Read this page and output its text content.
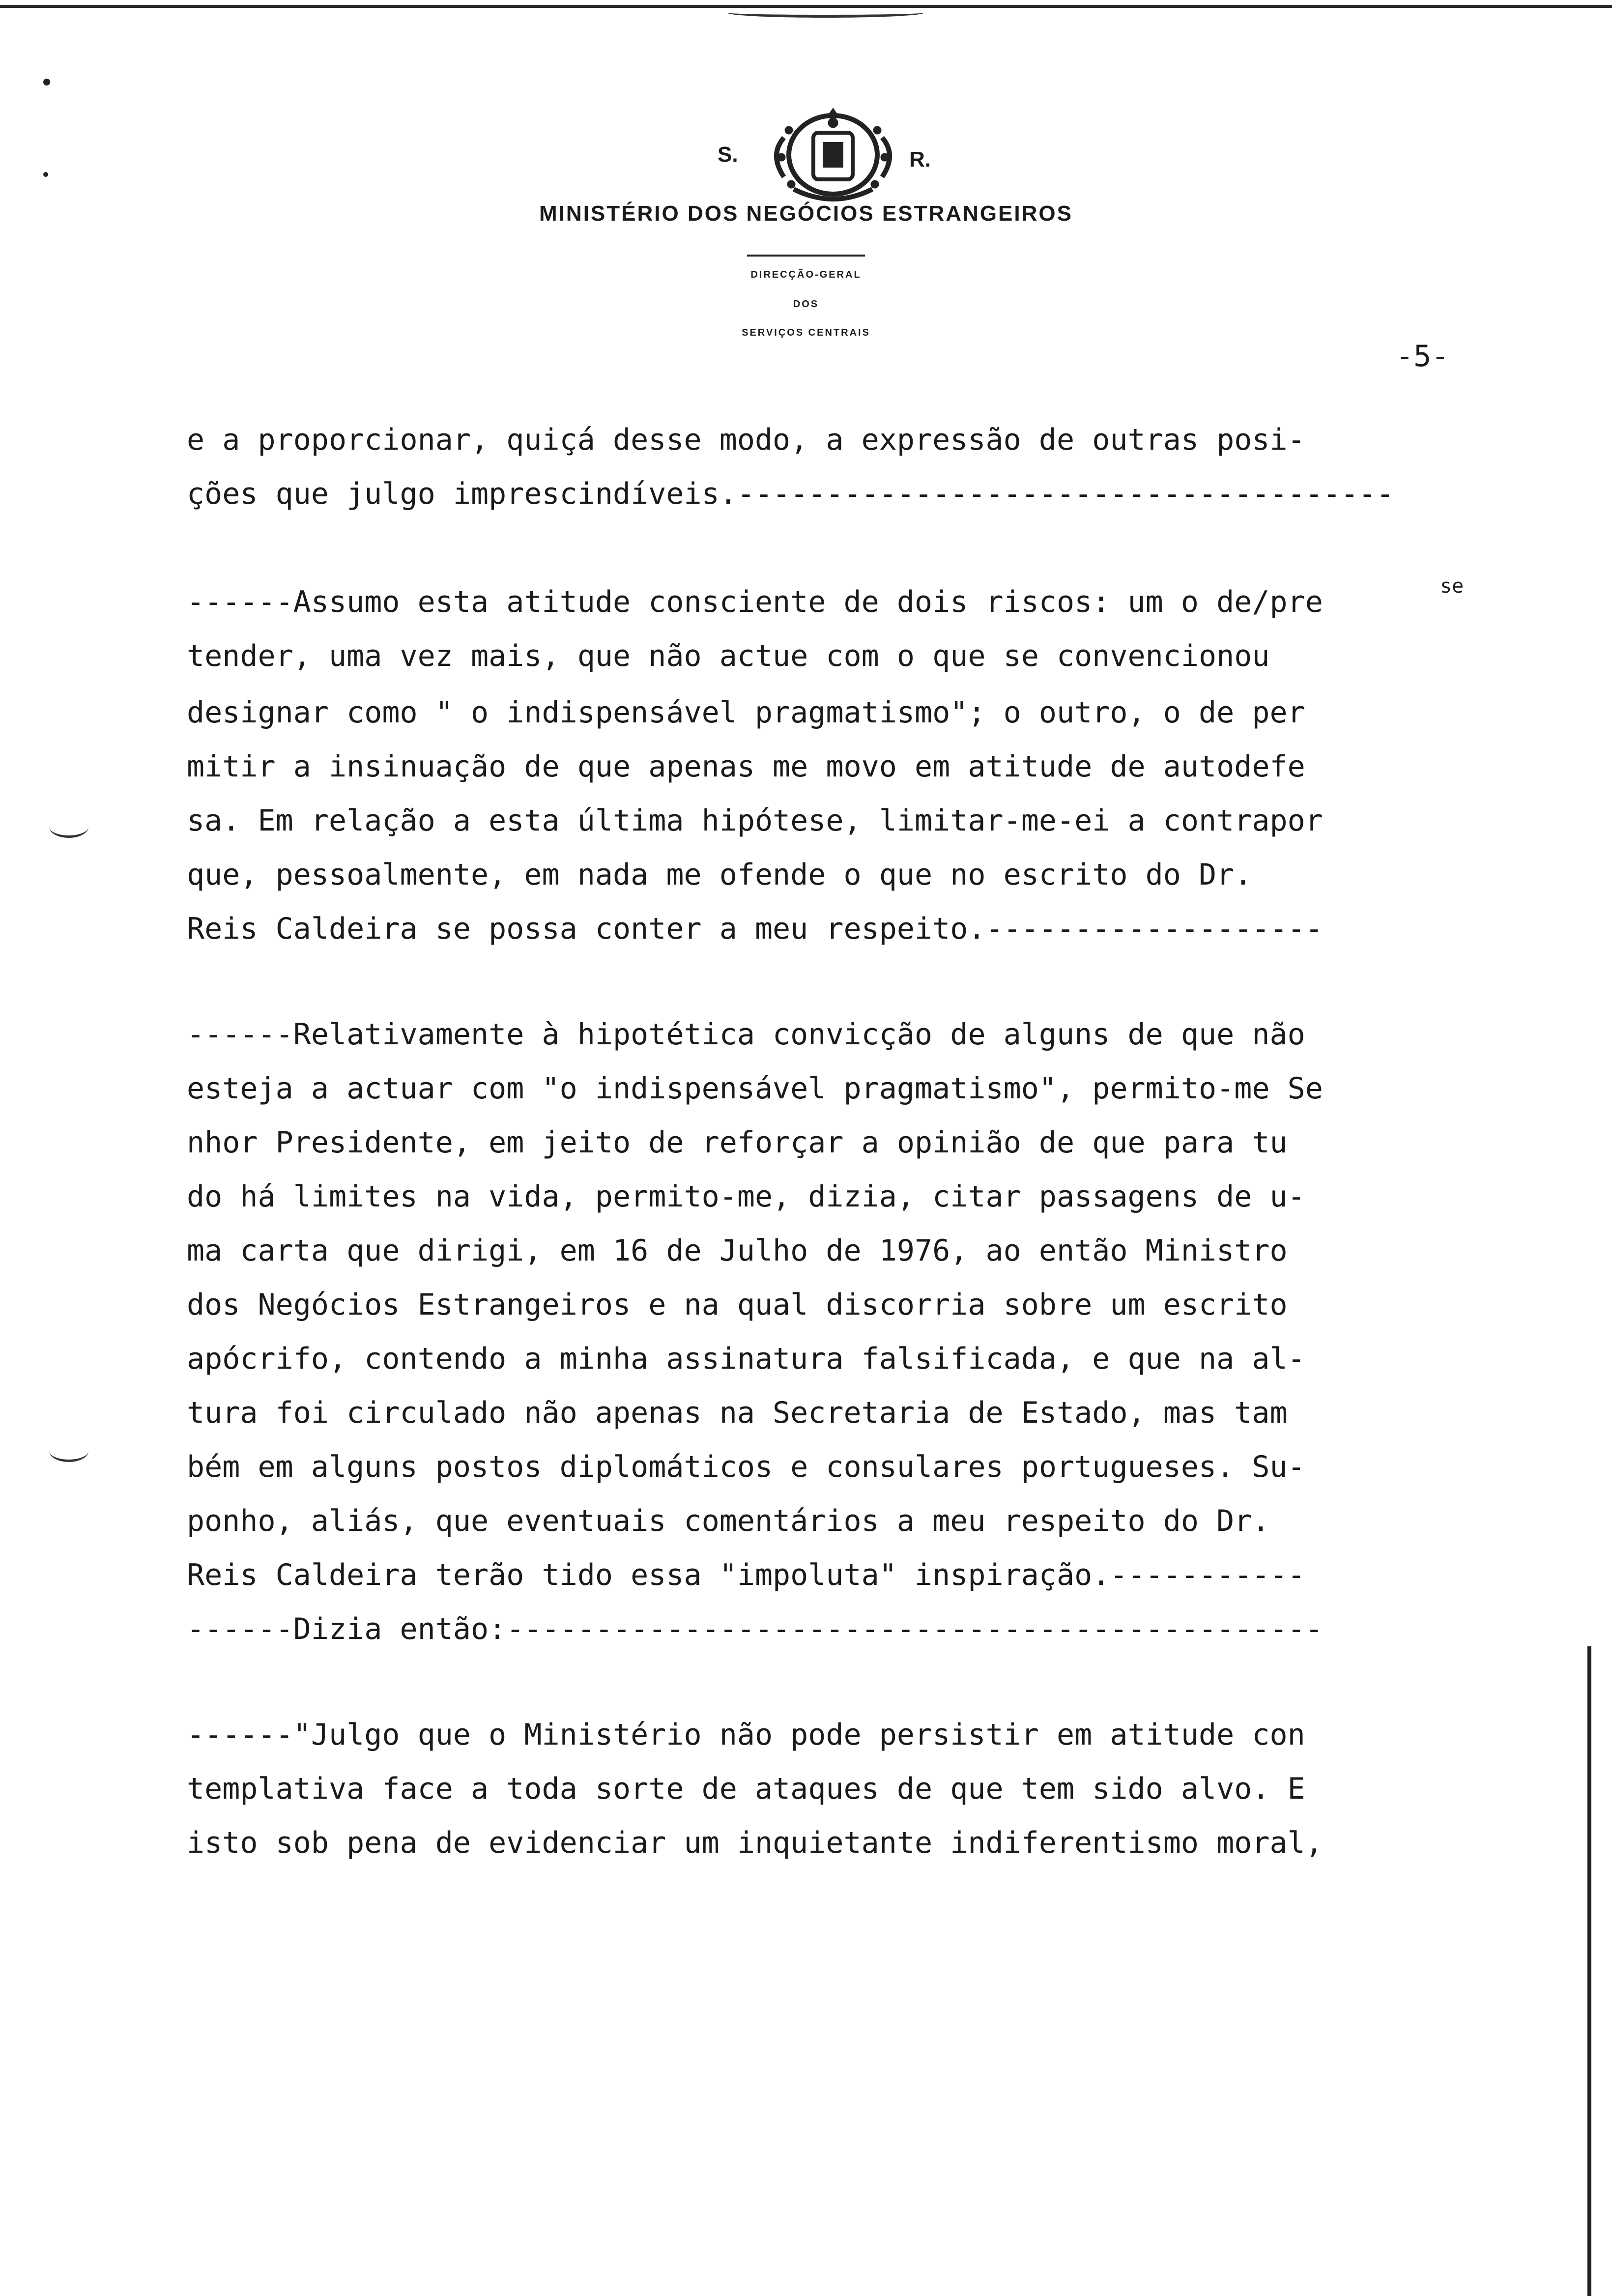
S.	R.
MINISTÉRIO DOS NEGÓCIOS ESTRANGEIROS
DIRECÇÃO-GERAL
DOS
SERVIÇOS CENTRAIS
-5-
se
e a proporcionar, quiçá desse modo, a expressão de outras posi-
ções que julgo imprescindíveis.-------------------------------------
------Assumo esta atitude consciente de dois riscos: um o de/pre
tender, uma vez mais, que não actue com o que se convencionou
designar como " o indispensável pragmatismo"; o outro, o de per
mitir a insinuação de que apenas me movo em atitude de autodefe
sa. Em relação a esta última hipótese, limitar-me-ei a contrapor
que, pessoalmente, em nada me ofende o que no escrito do Dr.
Reis Caldeira se possa conter a meu respeito.-------------------
------Relativamente à hipotética convicção de alguns de que não
esteja a actuar com "o indispensável pragmatismo", permito-me Se
nhor Presidente, em jeito de reforçar a opinião de que para tu
do há limites na vida, permito-me, dizia, citar passagens de u-
ma carta que dirigi, em 16 de Julho de 1976, ao então Ministro
dos Negócios Estrangeiros e na qual discorria sobre um escrito
apócrifo, contendo a minha assinatura falsificada, e que na al-
tura foi circulado não apenas na Secretaria de Estado, mas tam
bém em alguns postos diplomáticos e consulares portugueses. Su-
ponho, aliás, que eventuais comentários a meu respeito do Dr.
Reis Caldeira terão tido essa "impoluta" inspiração.-----------
------Dizia então:----------------------------------------------
------"Julgo que o Ministério não pode persistir em atitude con
templativa face a toda sorte de ataques de que tem sido alvo. E
isto sob pena de evidenciar um inquietante indiferentismo moral,
